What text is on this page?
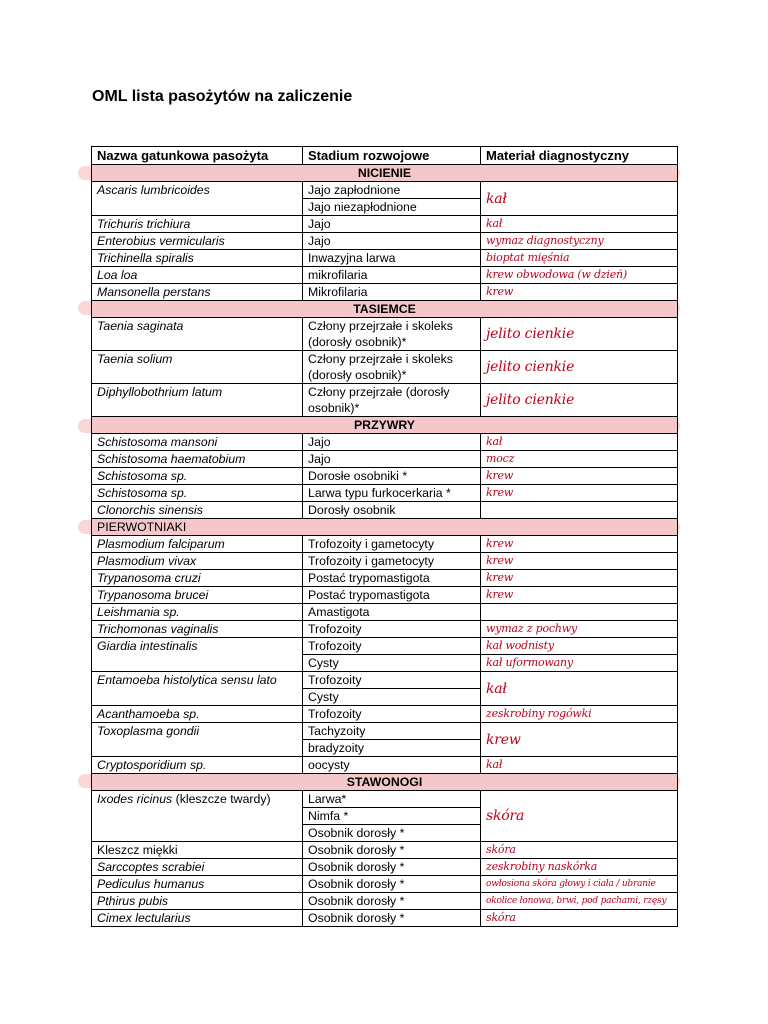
OML lista pasożytów na zaliczenie
Nazwa gatunkowa pasożyta	Stadium rozwojowe	Materiał diagnostyczny
NICIENIE		
Ascaris lumbricoides	Jajo zapłodnione	kał
	Jajo niezapłodnione	
Trichuris trichiura	Jajo	kał
Enterobius vermicularis	Jajo	wymaz diagnostyczny
Trichinella spiralis	Inwazyjna larwa	bioptat mięśnia
Loa loa	mikrofilaria	krew obwodowa (w dzień)
Mansonella perstans	Mikrofilaria	krew
TASIEMCE		
Taenia saginata	Człony przejrzałe i skoleks (dorosły osobnik)*	jelito cienkie
Taenia solium	Człony przejrzałe i skoleks (dorosły osobnik)*	jelito cienkie
Diphyllobothrium latum	Człony przejrzałe (dorosły osobnik)*	jelito cienkie
PRZYWRY		
Schistosoma mansoni	Jajo	kał
Schistosoma haematobium	Jajo	mocz
Schistosoma sp.	Dorosłe osobniki *	krew
Schistosoma sp.	Larwa typu furkocerkaria *	krew
Clonorchis sinensis	Dorosły osobnik	
PIERWOTNIAKI		
Plasmodium falciparum	Trofozoity i gametocyty	krew
Plasmodium vivax	Trofozoity i gametocyty	krew
Trypanosoma cruzi	Postać trypomastigota	krew
Trypanosoma brucei	Postać trypomastigota	krew
Leishmania sp.	Amastigota	
Trichomonas vaginalis	Trofozoity	wymaz z pochwy
Giardia intestinalis	Trofozoity	kał wodnisty
	Cysty	kał uformowany
Entamoeba histolytica sensu lato	Trofozoity	kał
	Cysty	
Acanthamoeba sp.	Trofozoity	zeskrobiny rogówki
Toxoplasma gondii	Tachyzoity	krew
	bradyzoity	
Cryptosporidium sp.	oocysty	kał
STAWONOGI		
Ixodes ricinus (kleszcze twardy)	Larwa*	skóra
	Nimfa *	
	Osobnik dorosły *	
Kleszcz miękki	Osobnik dorosły *	skóra
Sarccoptes scrabiei	Osobnik dorosły *	zeskrobiny naskórka
Pediculus humanus	Osobnik dorosły *	owłosiona skóra głowy i ciała / ubranie
Pthirus pubis	Osobnik dorosły *	okolice łonowa, brwi, pod pachami, rzęsy
Cimex lectularius	Osobnik dorosły *	skóra
